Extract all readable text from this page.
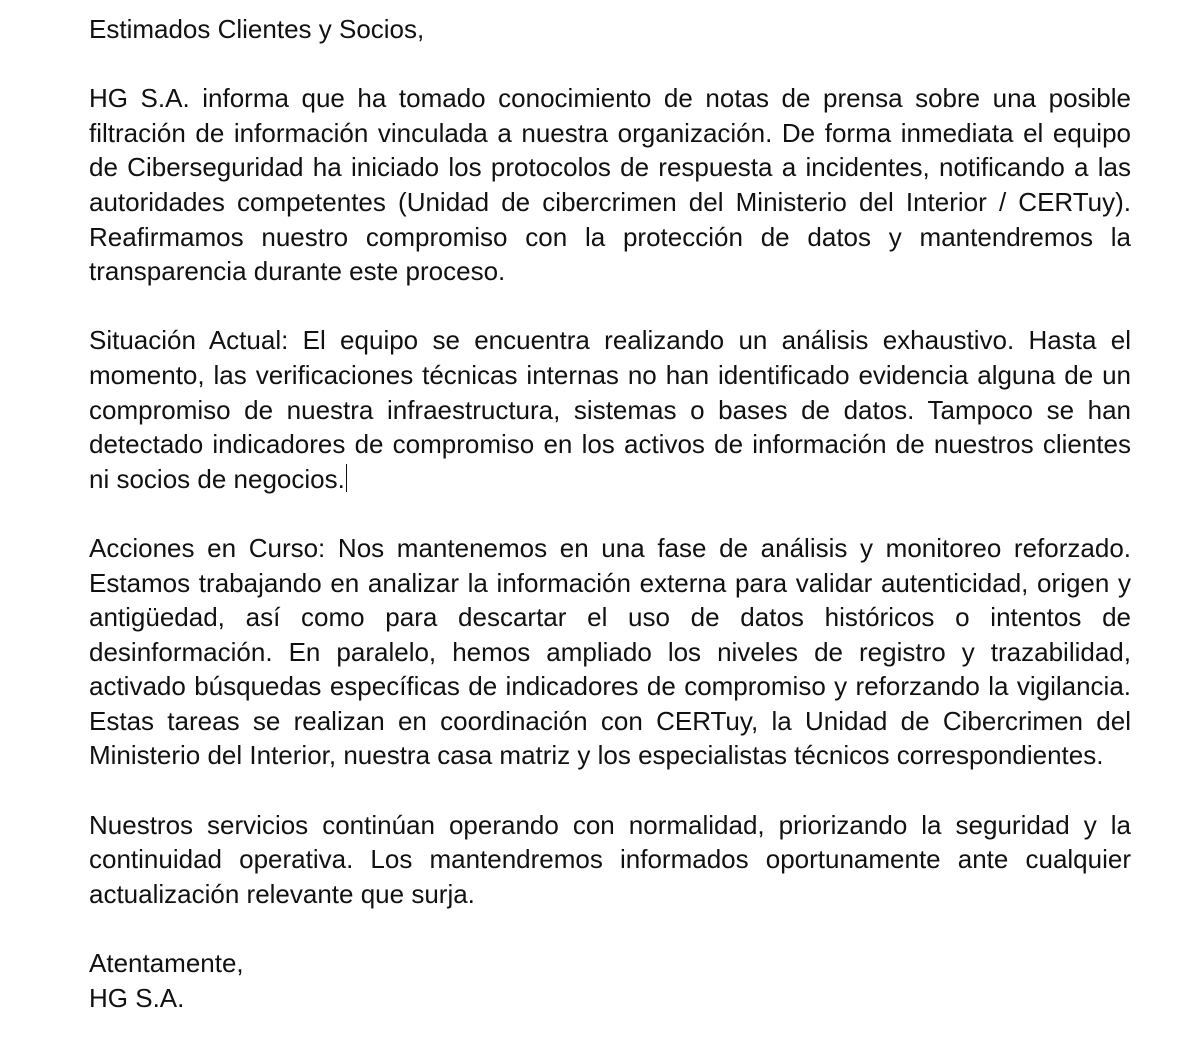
Estimados Clientes y Socios,

HG S.A. informa que ha tomado conocimiento de notas de prensa sobre una posible filtración de información vinculada a nuestra organización. De forma inmediata el equipo de Ciberseguridad ha iniciado los protocolos de respuesta a incidentes, notificando a las autoridades competentes (Unidad de cibercrimen del Ministerio del Interior / CERTuy). Reafirmamos nuestro compromiso con la protección de datos y mantendremos la transparencia durante este proceso.

Situación Actual: El equipo se encuentra realizando un análisis exhaustivo. Hasta el momento, las verificaciones técnicas internas no han identificado evidencia alguna de un compromiso de nuestra infraestructura, sistemas o bases de datos. Tampoco se han detectado indicadores de compromiso en los activos de información de nuestros clientes ni socios de negocios.

Acciones en Curso: Nos mantenemos en una fase de análisis y monitoreo reforzado. Estamos trabajando en analizar la información externa para validar autenticidad, origen y antigüedad, así como para descartar el uso de datos históricos o intentos de desinformación. En paralelo, hemos ampliado los niveles de registro y trazabilidad, activado búsquedas específicas de indicadores de compromiso y reforzando la vigilancia. Estas tareas se realizan en coordinación con CERTuy, la Unidad de Cibercrimen del Ministerio del Interior, nuestra casa matriz y los especialistas técnicos correspondientes.

Nuestros servicios continúan operando con normalidad, priorizando la seguridad y la continuidad operativa. Los mantendremos informados oportunamente ante cualquier actualización relevante que surja.

Atentamente,

HG S.A.
